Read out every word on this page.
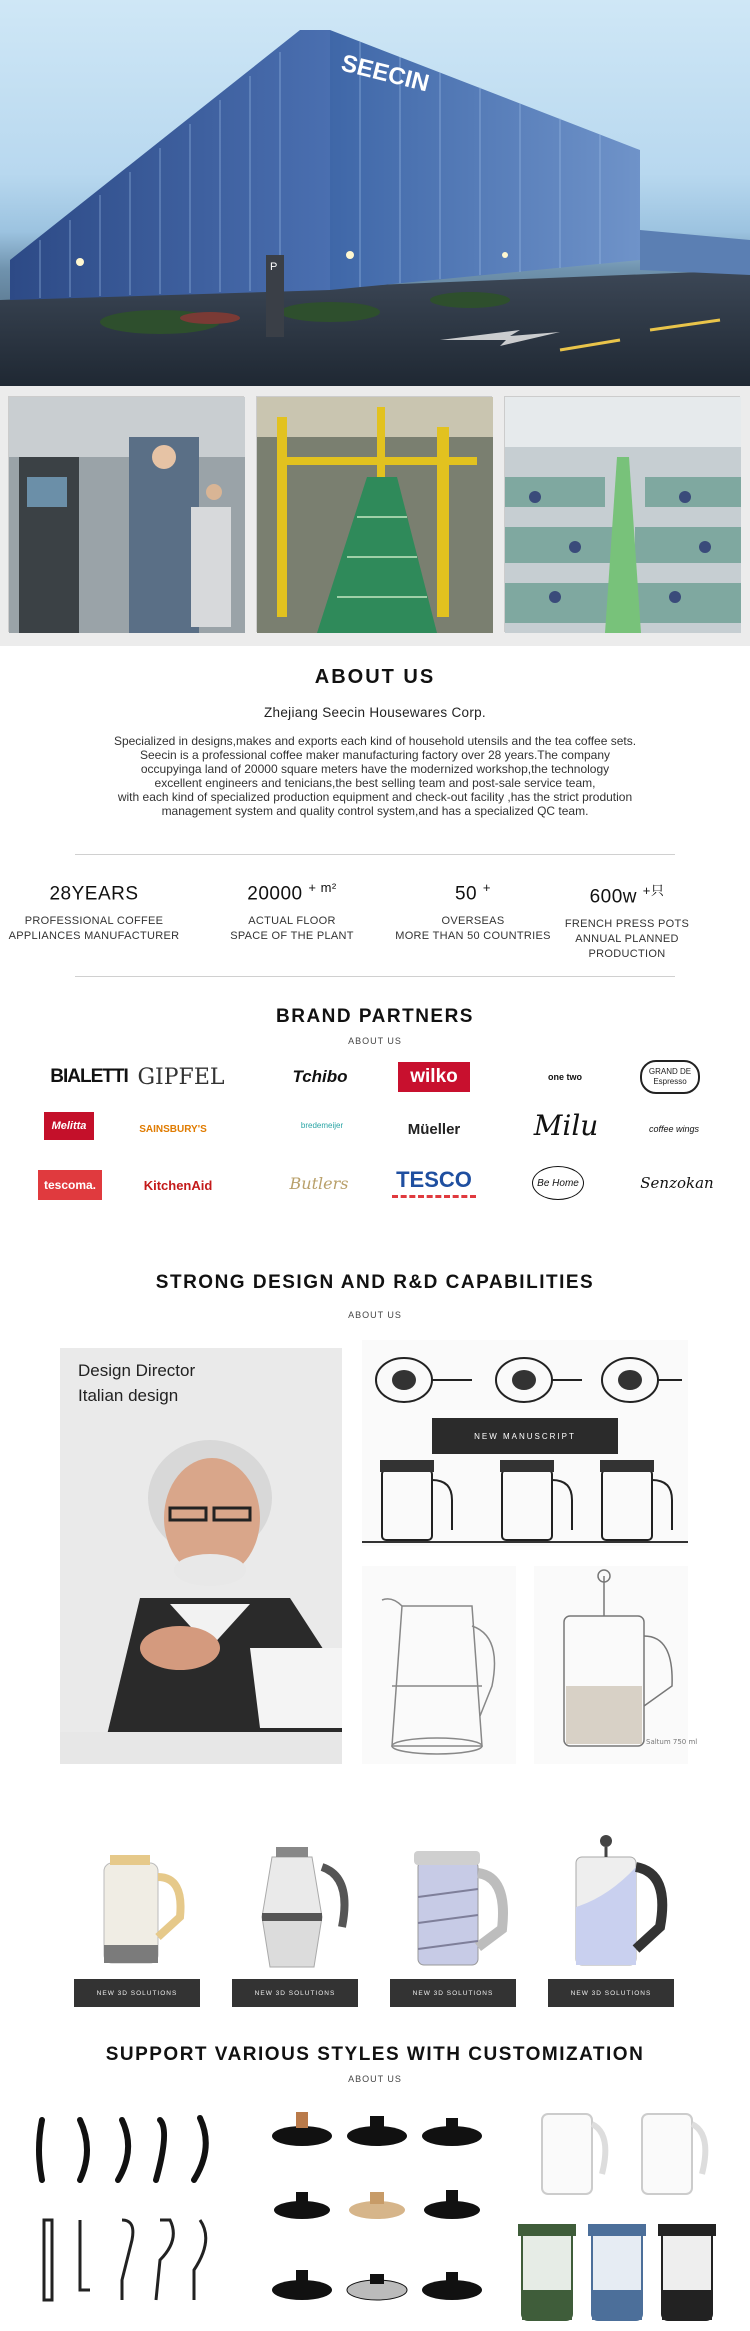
SEECIN
P
ABOUT US
Zhejiang Seecin Housewares Corp.
Specialized in designs,makes and exports each kind of household utensils and the tea coffee sets.
Seecin is a professional coffee maker manufacturing factory over 28 years.The company
occupyinga land of 20000 square meters have the modernized workshop,the technology
excellent engineers and tenicians,the best selling team and post-sale service team,
with each kind of specialized production equipment and check-out facility ,has the strict prodution
management system and quality control system,and has a specialized QC team.
28YEARS
PROFESSIONAL COFFEE
APPLIANCES MANUFACTURER
20000 $^{+ m^2}$
ACTUAL FLOOR
SPACE OF THE PLANT
50 +
OVERSEAS
MORE THAN 50 COUNTRIES
600w $^{+只}$
FRENCH PRESS POTS
ANNUAL PLANNED
PRODUCTION
BRAND PARTNERS
ABOUT US
BIALETTI GIPFEL	Tchibo	wilko	one two
GRAND DE Espresso
Melitta	SAINSBURY'S	bredemeijer	Müeller	Milu	coffee wings
tescoma.	KitchenAid	Butlers TESCO	Be Home	Senzokan
STRONG DESIGN AND R&D CAPABILITIES
ABOUT US
Design Director
Italian design
NEW MANUSCRIPT
Saltum 750 ml
NEW 3D SOLUTIONS	NEW 3D SOLUTIONS	NEW 3D SOLUTIONS	NEW 3D SOLUTIONS
SUPPORT VARIOUS STYLES WITH CUSTOMIZATION
ABOUT US
